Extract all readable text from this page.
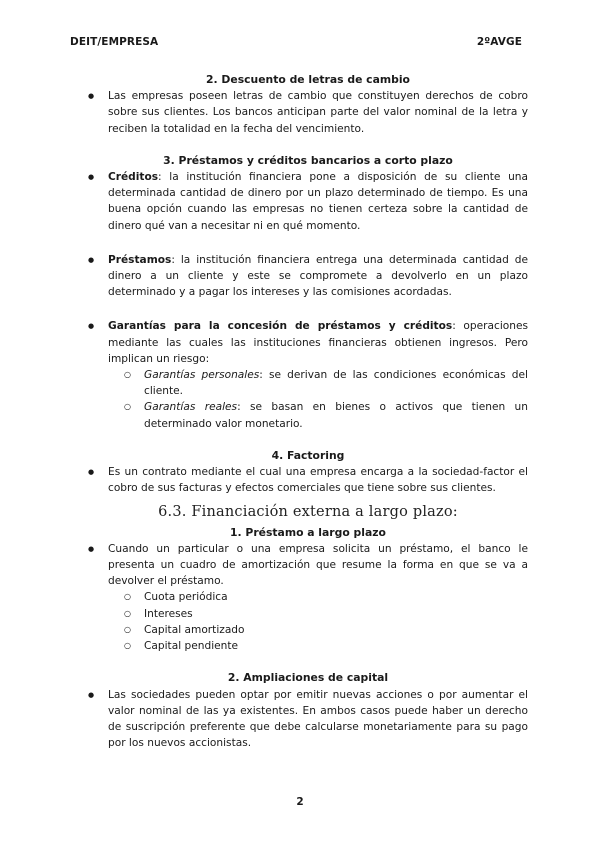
DEIT/EMPRESA	2ºAVGE
2. Descuento de letras de cambio
● Las empresas poseen letras de cambio que constituyen derechos de cobro sobre sus clientes. Los bancos anticipan parte del valor nominal de la letra y reciben la totalidad en la fecha del vencimiento.
3. Préstamos y créditos bancarios a corto plazo
● Créditos: la institución financiera pone a disposición de su cliente una determinada cantidad de dinero por un plazo determinado de tiempo. Es una buena opción cuando las empresas no tienen certeza sobre la cantidad de dinero qué van a necesitar ni en qué momento.
● Préstamos: la institución financiera entrega una determinada cantidad de dinero a un cliente y este se compromete a devolverlo en un plazo determinado y a pagar los intereses y las comisiones acordadas.
● Garantías para la concesión de préstamos y créditos: operaciones mediante las cuales las instituciones financieras obtienen ingresos. Pero implican un riesgo:
○ Garantías personales: se derivan de las condiciones económicas del cliente.
○ Garantías reales: se basan en bienes o activos que tienen un determinado valor monetario.
4. Factoring
● Es un contrato mediante el cual una empresa encarga a la sociedad-factor el cobro de sus facturas y efectos comerciales que tiene sobre sus clientes.
6.3. Financiación externa a largo plazo:
1. Préstamo a largo plazo
● Cuando un particular o una empresa solicita un préstamo, el banco le presenta un cuadro de amortización que resume la forma en que se va a devolver el préstamo.
○ Cuota periódica
○ Intereses
○ Capital amortizado
○ Capital pendiente
2. Ampliaciones de capital
● Las sociedades pueden optar por emitir nuevas acciones o por aumentar el valor nominal de las ya existentes. En ambos casos puede haber un derecho de suscripción preferente que debe calcularse monetariamente para su pago por los nuevos accionistas.
2
